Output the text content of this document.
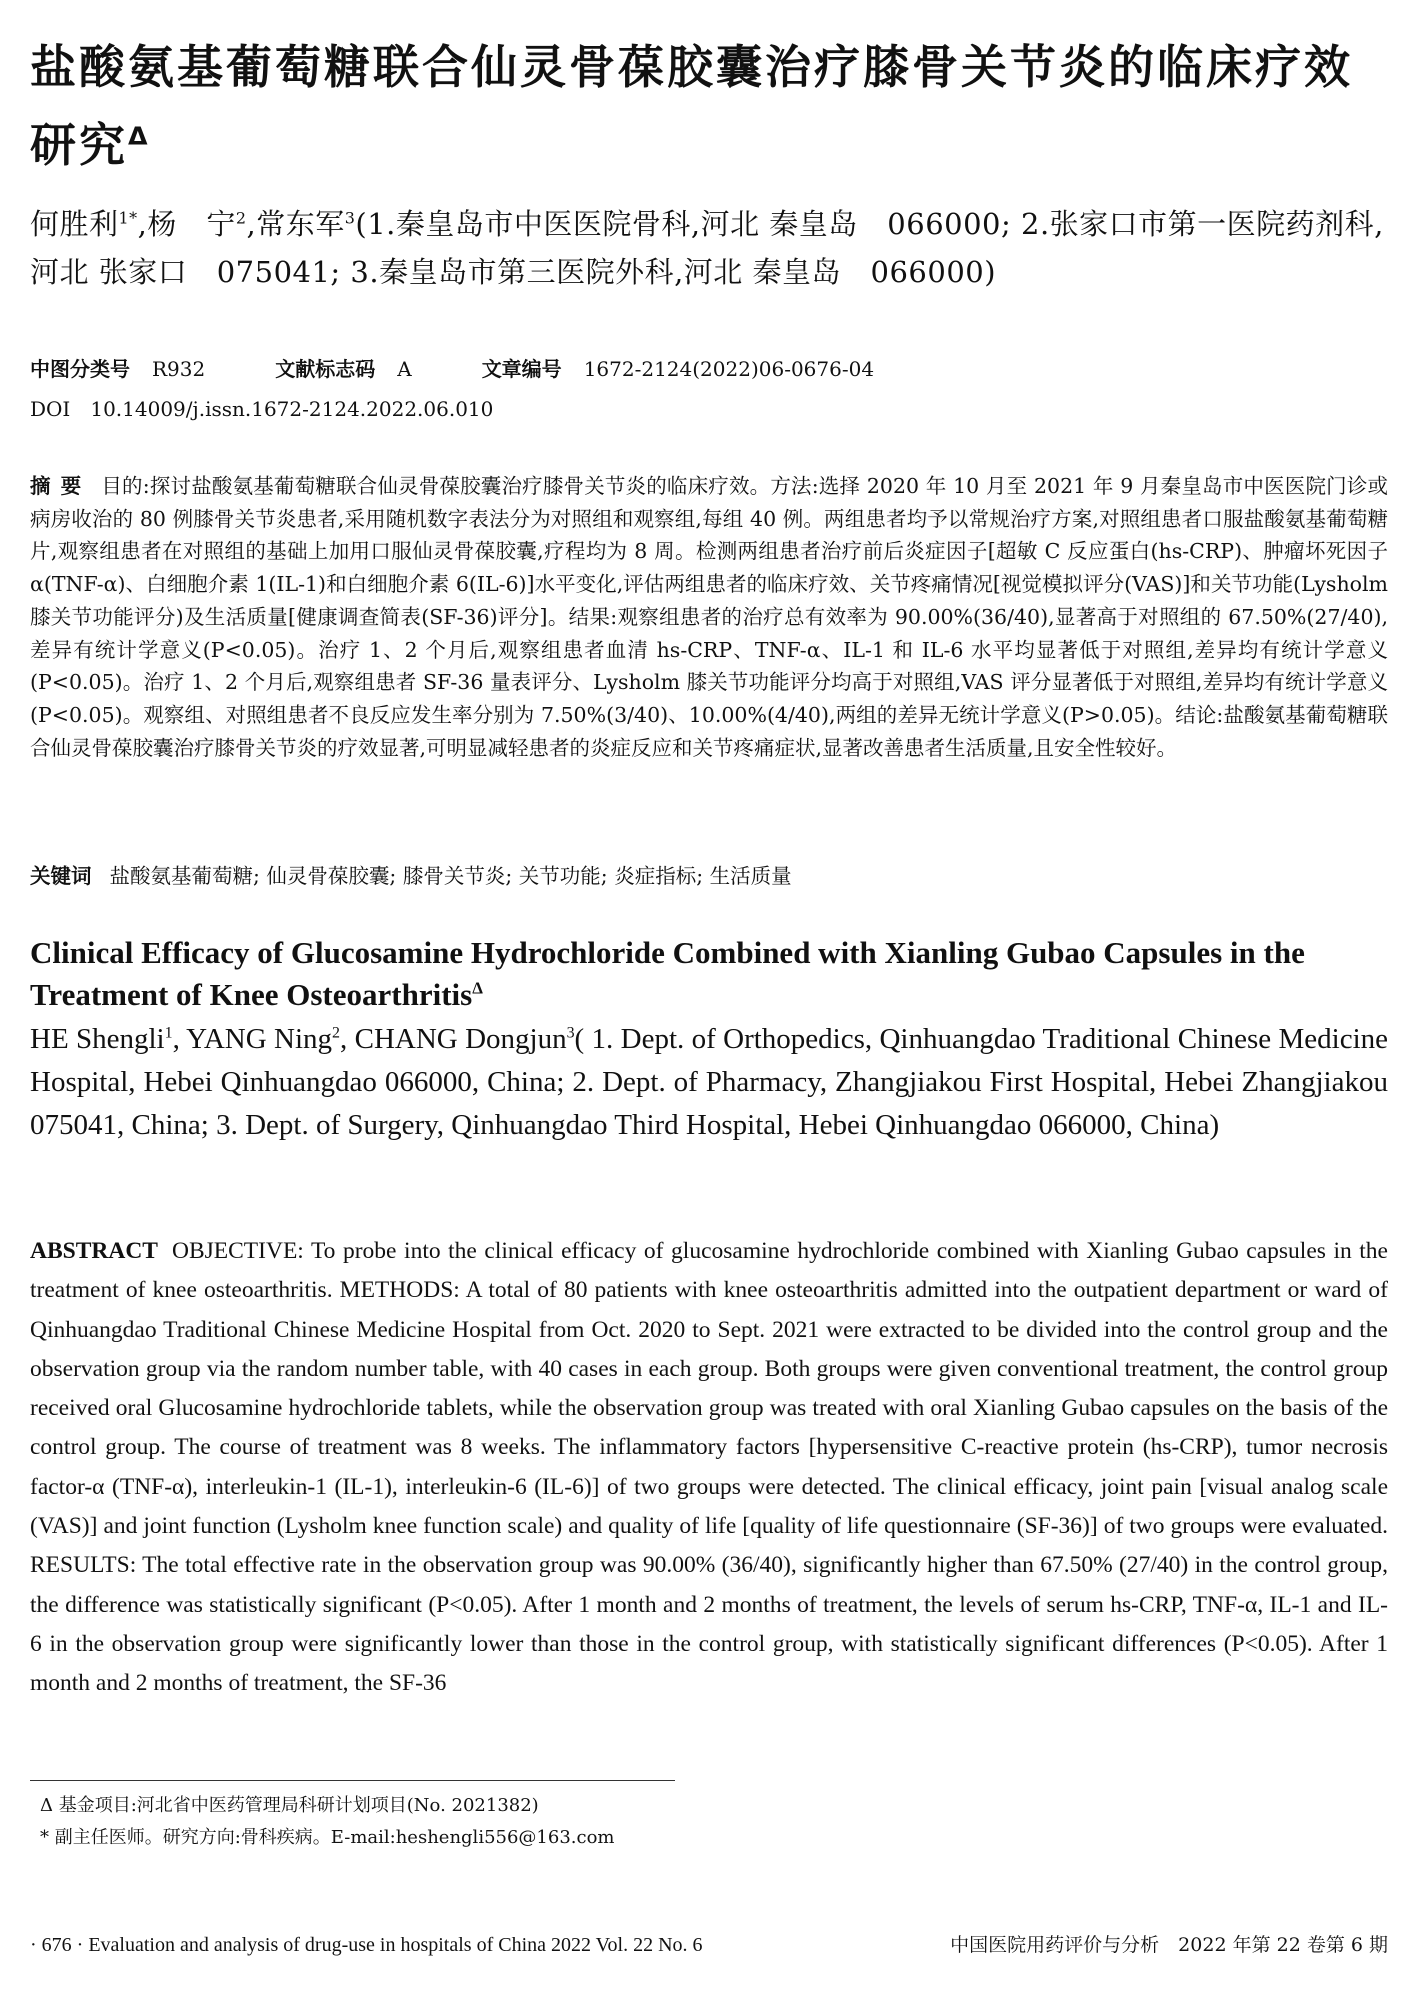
盐酸氨基葡萄糖联合仙灵骨葆胶囊治疗膝骨关节炎的临床疗效研究$^\Delta$

何胜利$^{1*}$,杨　宁$^2$,常东军$^3$(1.秦皇岛市中医医院骨科,河北 秦皇岛　066000; 2.张家口市第一医院药剂科,河北 张家口　075041; 3.秦皇岛市第三医院外科,河北 秦皇岛　066000)

中图分类号 R932	文献标志码 A	文章编号 1672-2124(2022)06-0676-04
DOI 10.14009/j.issn.1672-2124.2022.06.010

摘要 目的:探讨盐酸氨基葡萄糖联合仙灵骨葆胶囊治疗膝骨关节炎的临床疗效。方法:选择 2020 年 10 月至 2021 年 9 月秦皇岛市中医医院门诊或病房收治的 80 例膝骨关节炎患者,采用随机数字表法分为对照组和观察组,每组 40 例。两组患者均予以常规治疗方案,对照组患者口服盐酸氨基葡萄糖片,观察组患者在对照组的基础上加用口服仙灵骨葆胶囊,疗程均为 8 周。检测两组患者治疗前后炎症因子[超敏 C 反应蛋白(hs-CRP)、肿瘤坏死因子 α(TNF-α)、白细胞介素 1(IL-1)和白细胞介素 6(IL-6)]水平变化,评估两组患者的临床疗效、关节疼痛情况[视觉模拟评分(VAS)]和关节功能(Lysholm 膝关节功能评分)及生活质量[健康调查简表(SF-36)评分]。结果:观察组患者的治疗总有效率为 90.00%(36/40),显著高于对照组的 67.50%(27/40),差异有统计学意义(P<0.05)。治疗 1、2 个月后,观察组患者血清 hs-CRP、TNF-α、IL-1 和 IL-6 水平均显著低于对照组,差异均有统计学意义(P<0.05)。治疗 1、2 个月后,观察组患者 SF-36 量表评分、Lysholm 膝关节功能评分均高于对照组,VAS 评分显著低于对照组,差异均有统计学意义(P<0.05)。观察组、对照组患者不良反应发生率分别为 7.50%(3/40)、10.00%(4/40),两组的差异无统计学意义(P>0.05)。结论:盐酸氨基葡萄糖联合仙灵骨葆胶囊治疗膝骨关节炎的疗效显著,可明显减轻患者的炎症反应和关节疼痛症状,显著改善患者生活质量,且安全性较好。

关键词 盐酸氨基葡萄糖; 仙灵骨葆胶囊; 膝骨关节炎; 关节功能; 炎症指标; 生活质量

Clinical Efficacy of Glucosamine Hydrochloride Combined with Xianling Gubao Capsules in the Treatment of Knee Osteoarthritis$^\Delta$

HE Shengli$^1$, YANG Ning$^2$, CHANG Dongjun$^3$( 1. Dept. of Orthopedics, Qinhuangdao Traditional Chinese Medicine Hospital, Hebei Qinhuangdao 066000, China; 2. Dept. of Pharmacy, Zhangjiakou First Hospital, Hebei Zhangjiakou 075041, China; 3. Dept. of Surgery, Qinhuangdao Third Hospital, Hebei Qinhuangdao 066000, China)

ABSTRACT OBJECTIVE: To probe into the clinical efficacy of glucosamine hydrochloride combined with Xianling Gubao capsules in the treatment of knee osteoarthritis. METHODS: A total of 80 patients with knee osteoarthritis admitted into the outpatient department or ward of Qinhuangdao Traditional Chinese Medicine Hospital from Oct. 2020 to Sept. 2021 were extracted to be divided into the control group and the observation group via the random number table, with 40 cases in each group. Both groups were given conventional treatment, the control group received oral Glucosamine hydrochloride tablets, while the observation group was treated with oral Xianling Gubao capsules on the basis of the control group. The course of treatment was 8 weeks. The inflammatory factors [hypersensitive C-reactive protein (hs-CRP), tumor necrosis factor-α (TNF-α), interleukin-1 (IL-1), interleukin-6 (IL-6)] of two groups were detected. The clinical efficacy, joint pain [visual analog scale (VAS)] and joint function (Lysholm knee function scale) and quality of life [quality of life questionnaire (SF-36)] of two groups were evaluated. RESULTS: The total effective rate in the observation group was 90.00% (36/40), significantly higher than 67.50% (27/40) in the control group, the difference was statistically significant (P<0.05). After 1 month and 2 months of treatment, the levels of serum hs-CRP, TNF-α, IL-1 and IL-6 in the observation group were significantly lower than those in the control group, with statistically significant differences (P<0.05). After 1 month and 2 months of treatment, the SF-36

Δ 基金项目:河北省中医药管理局科研计划项目(No. 2021382)
* 副主任医师。研究方向:骨科疾病。E-mail:heshengli556@163.com
· 676 · Evaluation and analysis of drug-use in hospitals of China 2022 Vol. 22 No. 6	中国医院用药评价与分析　2022 年第 22 卷第 6 期
